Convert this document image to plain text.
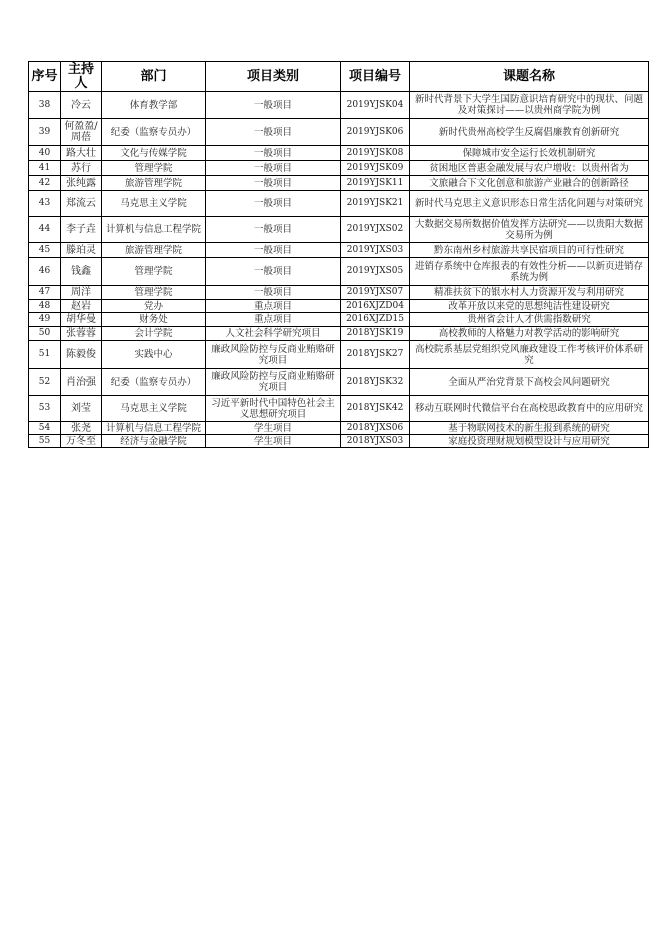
序号	主持人	部门	项目类别	项目编号	课题名称
38	冷云	体育教学部	一般项目	2019YJSK04	新时代背景下大学生国防意识培育研究中的现状、问题及对策探讨——以贵州商学院为例
39	何盈盈/周蓓	纪委（监察专员办）	一般项目	2019YJSK06	新时代贵州高校学生反腐倡廉教育创新研究
40	路大壮	文化与传媒学院	一般项目	2019YJSK08	保障城市安全运行长效机制研究
41	苏行	管理学院	一般项目	2019YJSK09	贫困地区普惠金融发展与农户增收：以贵州省为
42	张纯露	旅游管理学院	一般项目	2019YJSK11	文旅融合下文化创意和旅游产业融合的创新路径
43	郑流云	马克思主义学院	一般项目	2019YJSK21	新时代马克思主义意识形态日常生活化问题与对策研究
44	李子垚	计算机与信息工程学院	一般项目	2019YJXS02	大数据交易所数据价值发挥方法研究——以贵阳大数据交易所为例
45	滕珀灵	旅游管理学院	一般项目	2019YJXS03	黔东南州乡村旅游共享民宿项目的可行性研究
46	钱鑫	管理学院	一般项目	2019YJXS05	进销存系统中仓库报表的有效性分析——以新页进销存系统为例
47	周洋	管理学院	一般项目	2019YJXS07	精准扶贫下的银水村人力资源开发与利用研究
48	赵岩	党办	重点项目	2016XJZD04	改革开放以来党的思想纯洁性建设研究
49	胡华曼	财务处	重点项目	2016XJZD15	贵州省会计人才供需指数研究
50	张蓉蓉	会计学院	人文社会科学研究项目	2018YJSK19	高校教师的人格魅力对教学活动的影响研究
51	陈毅俊	实践中心	廉政风险防控与反商业贿赂研究项目	2018YJSK27	高校院系基层党组织党风廉政建设工作考核评价体系研究
52	肖治强	纪委（监察专员办）	廉政风险防控与反商业贿赂研究项目	2018YJSK32	全面从严治党背景下高校会风问题研究
53	刘莹	马克思主义学院	习近平新时代中国特色社会主义思想研究项目	2018YJSK42	移动互联网时代微信平台在高校思政教育中的应用研究
54	张尧	计算机与信息工程学院	学生项目	2018YJXS06	基于物联网技术的新生报到系统的研究
55	万冬至	经济与金融学院	学生项目	2018YJXS03	家庭投资理财规划模型设计与应用研究
